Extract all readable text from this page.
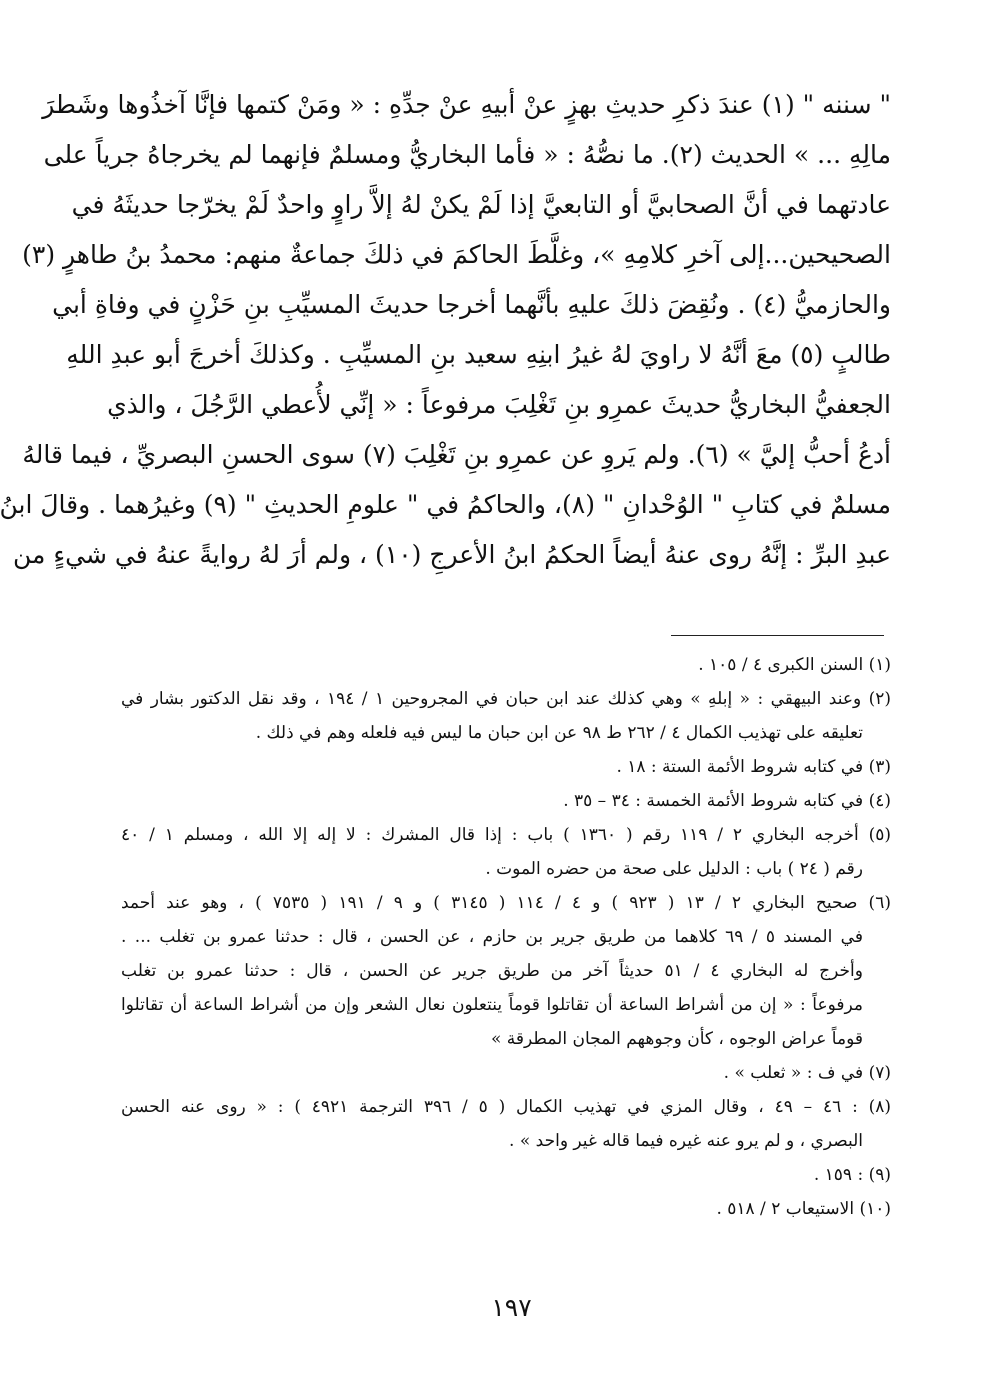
" سننه " (١) عندَ ذكرِ حديثِ بهزٍ عنْ أبيهِ عنْ جدِّهِ : « ومَنْ كتمها فإنَّا آخذُوها وشَطرَ
مالِهِ ... » الحديث (٢). ما نصُّهُ : « فأما البخاريُّ ومسلمٌ فإنهما لم يخرجاهُ جرياً على
عادتهما في أنَّ الصحابيَّ أو التابعيَّ إذا لَمْ يكنْ لهُ إلاَّ راوٍ واحدٌ لَمْ يخرّجا حديثَهُ في
الصحيحين...إلى آخرِ كلامِهِ »، وغلَّطَ الحاكمَ في ذلكَ جماعةٌ منهم: محمدُ بنُ طاهرٍ (٣)
والحازميُّ (٤) . ونُقِضَ ذلكَ عليهِ بأنَّهما أخرجا حديثَ المسيِّبِ بنِ حَزْنٍ في وفاةِ أبي
طالبٍ (٥) معَ أنَّهُ لا راويَ لهُ غيرُ ابنِهِ سعيد بنِ المسيِّبِ . وكذلكَ أخرجَ أبو عبدِ اللهِ
الجعفيُّ البخاريُّ حديثَ عمرِو بنِ تَغْلِبَ مرفوعاً : « إنِّي لأُعطي الرَّجُلَ ، والذي
أدعُ أحبُّ إليَّ » (٦). ولم يَروِ عن عمرِو بنِ تَغْلِبَ (٧) سوى الحسنِ البصريِّ ، فيما قالهُ
مسلمٌ في كتابِ " الوُحْدانِ " (٨)، والحاكمُ في " علومِ الحديثِ " (٩) وغيرُهما . وقالَ ابنُ
عبدِ البرِّ : إنَّهُ روى عنهُ أيضاً الحكمُ ابنُ الأعرجِ (١٠) ، ولم أرَ لهُ روايةً عنهُ في شيءٍ من
(١) السنن الكبرى ٤ / ١٠٥ .
(٢) وعند البيهقي : « إبلهِ » وهي كذلك عند ابن حبان في المجروحين ١ / ١٩٤ ، وقد نقل الدكتور بشار في
تعليقه على تهذيب الكمال ٤ / ٢٦٢ ط ٩٨ عن ابن حبان ما ليس فيه فلعله وهم في ذلك .
(٣) في كتابه شروط الأئمة الستة : ١٨ .
(٤) في كتابه شروط الأئمة الخمسة : ٣٤ – ٣٥ .
(٥) أخرجه البخاري ٢ / ١١٩ رقم ( ١٣٦٠ ) باب : إذا قال المشرك : لا إله إلا الله ، ومسلم ١ / ٤٠
رقم ( ٢٤ ) باب : الدليل على صحة من حضره الموت .
(٦) صحيح البخاري ٢ / ١٣ ( ٩٢٣ ) و ٤ / ١١٤ ( ٣١٤٥ ) و ٩ / ١٩١ ( ٧٥٣٥ ) ، وهو عند أحمد
في المسند ٥ / ٦٩ كلاهما من طريق جرير بن حازم ، عن الحسن ، قال : حدثنا عمرو بن تغلب ... .
وأخرج له البخاري ٤ / ٥١ حديثاً آخر من طريق جرير عن الحسن ، قال : حدثنا عمرو بن تغلب
مرفوعاً : « إن من أشراط الساعة أن تقاتلوا قوماً ينتعلون نعال الشعر وإن من أشراط الساعة أن تقاتلوا
قوماً عراض الوجوه ، كأن وجوههم المجان المطرقة »
(٧) في ف : « ثعلب » .
(٨) : ٤٦ – ٤٩ ، وقال المزي في تهذيب الكمال ( ٥ / ٣٩٦ الترجمة ٤٩٢١ ) : « روى عنه الحسن
البصري ، و لم يرو عنه غيره فيما قاله غير واحد » .
(٩) : ١٥٩ .
(١٠) الاستيعاب ٢ / ٥١٨ .
١٩٧
